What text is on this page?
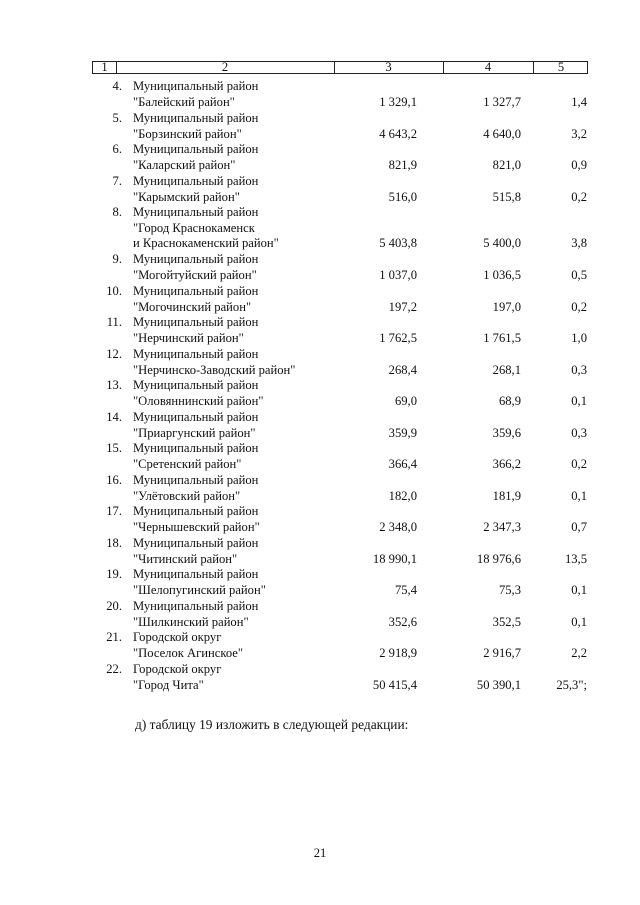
1	2	3	4	5
4. Муниципальный район
"Балейский район"	1 329,1	1 327,7	1,4
5. Муниципальный район
"Борзинский район"	4 643,2	4 640,0	3,2
6. Муниципальный район
"Каларский район"	821,9	821,0	0,9
7. Муниципальный район
"Карымский район"	516,0	515,8	0,2
8. Муниципальный район
"Город Краснокаменск
и Краснокаменский район"	5 403,8	5 400,0	3,8
9. Муниципальный район
"Могойтуйский район"	1 037,0	1 036,5	0,5
10. Муниципальный район
"Могочинский район"	197,2	197,0	0,2
11. Муниципальный район
"Нерчинский район"	1 762,5	1 761,5	1,0
12. Муниципальный район
"Нерчинско-Заводский район"	268,4	268,1	0,3
13. Муниципальный район
"Оловяннинский район"	69,0	68,9	0,1
14. Муниципальный район
"Приаргунский район"	359,9	359,6	0,3
15. Муниципальный район
"Сретенский район"	366,4	366,2	0,2
16. Муниципальный район
"Улётовский район"	182,0	181,9	0,1
17. Муниципальный район
"Чернышевский район"	2 348,0	2 347,3	0,7
18. Муниципальный район
"Читинский район"	18 990,1	18 976,6	13,5
19. Муниципальный район
"Шелопугинский район"	75,4	75,3	0,1
20. Муниципальный район
"Шилкинский район"	352,6	352,5	0,1
21. Городской округ
"Поселок Агинское"	2 918,9	2 916,7	2,2
22. Городской округ
"Город Чита"	50 415,4	50 390,1	25,3";
д) таблицу 19 изложить в следующей редакции:
21
